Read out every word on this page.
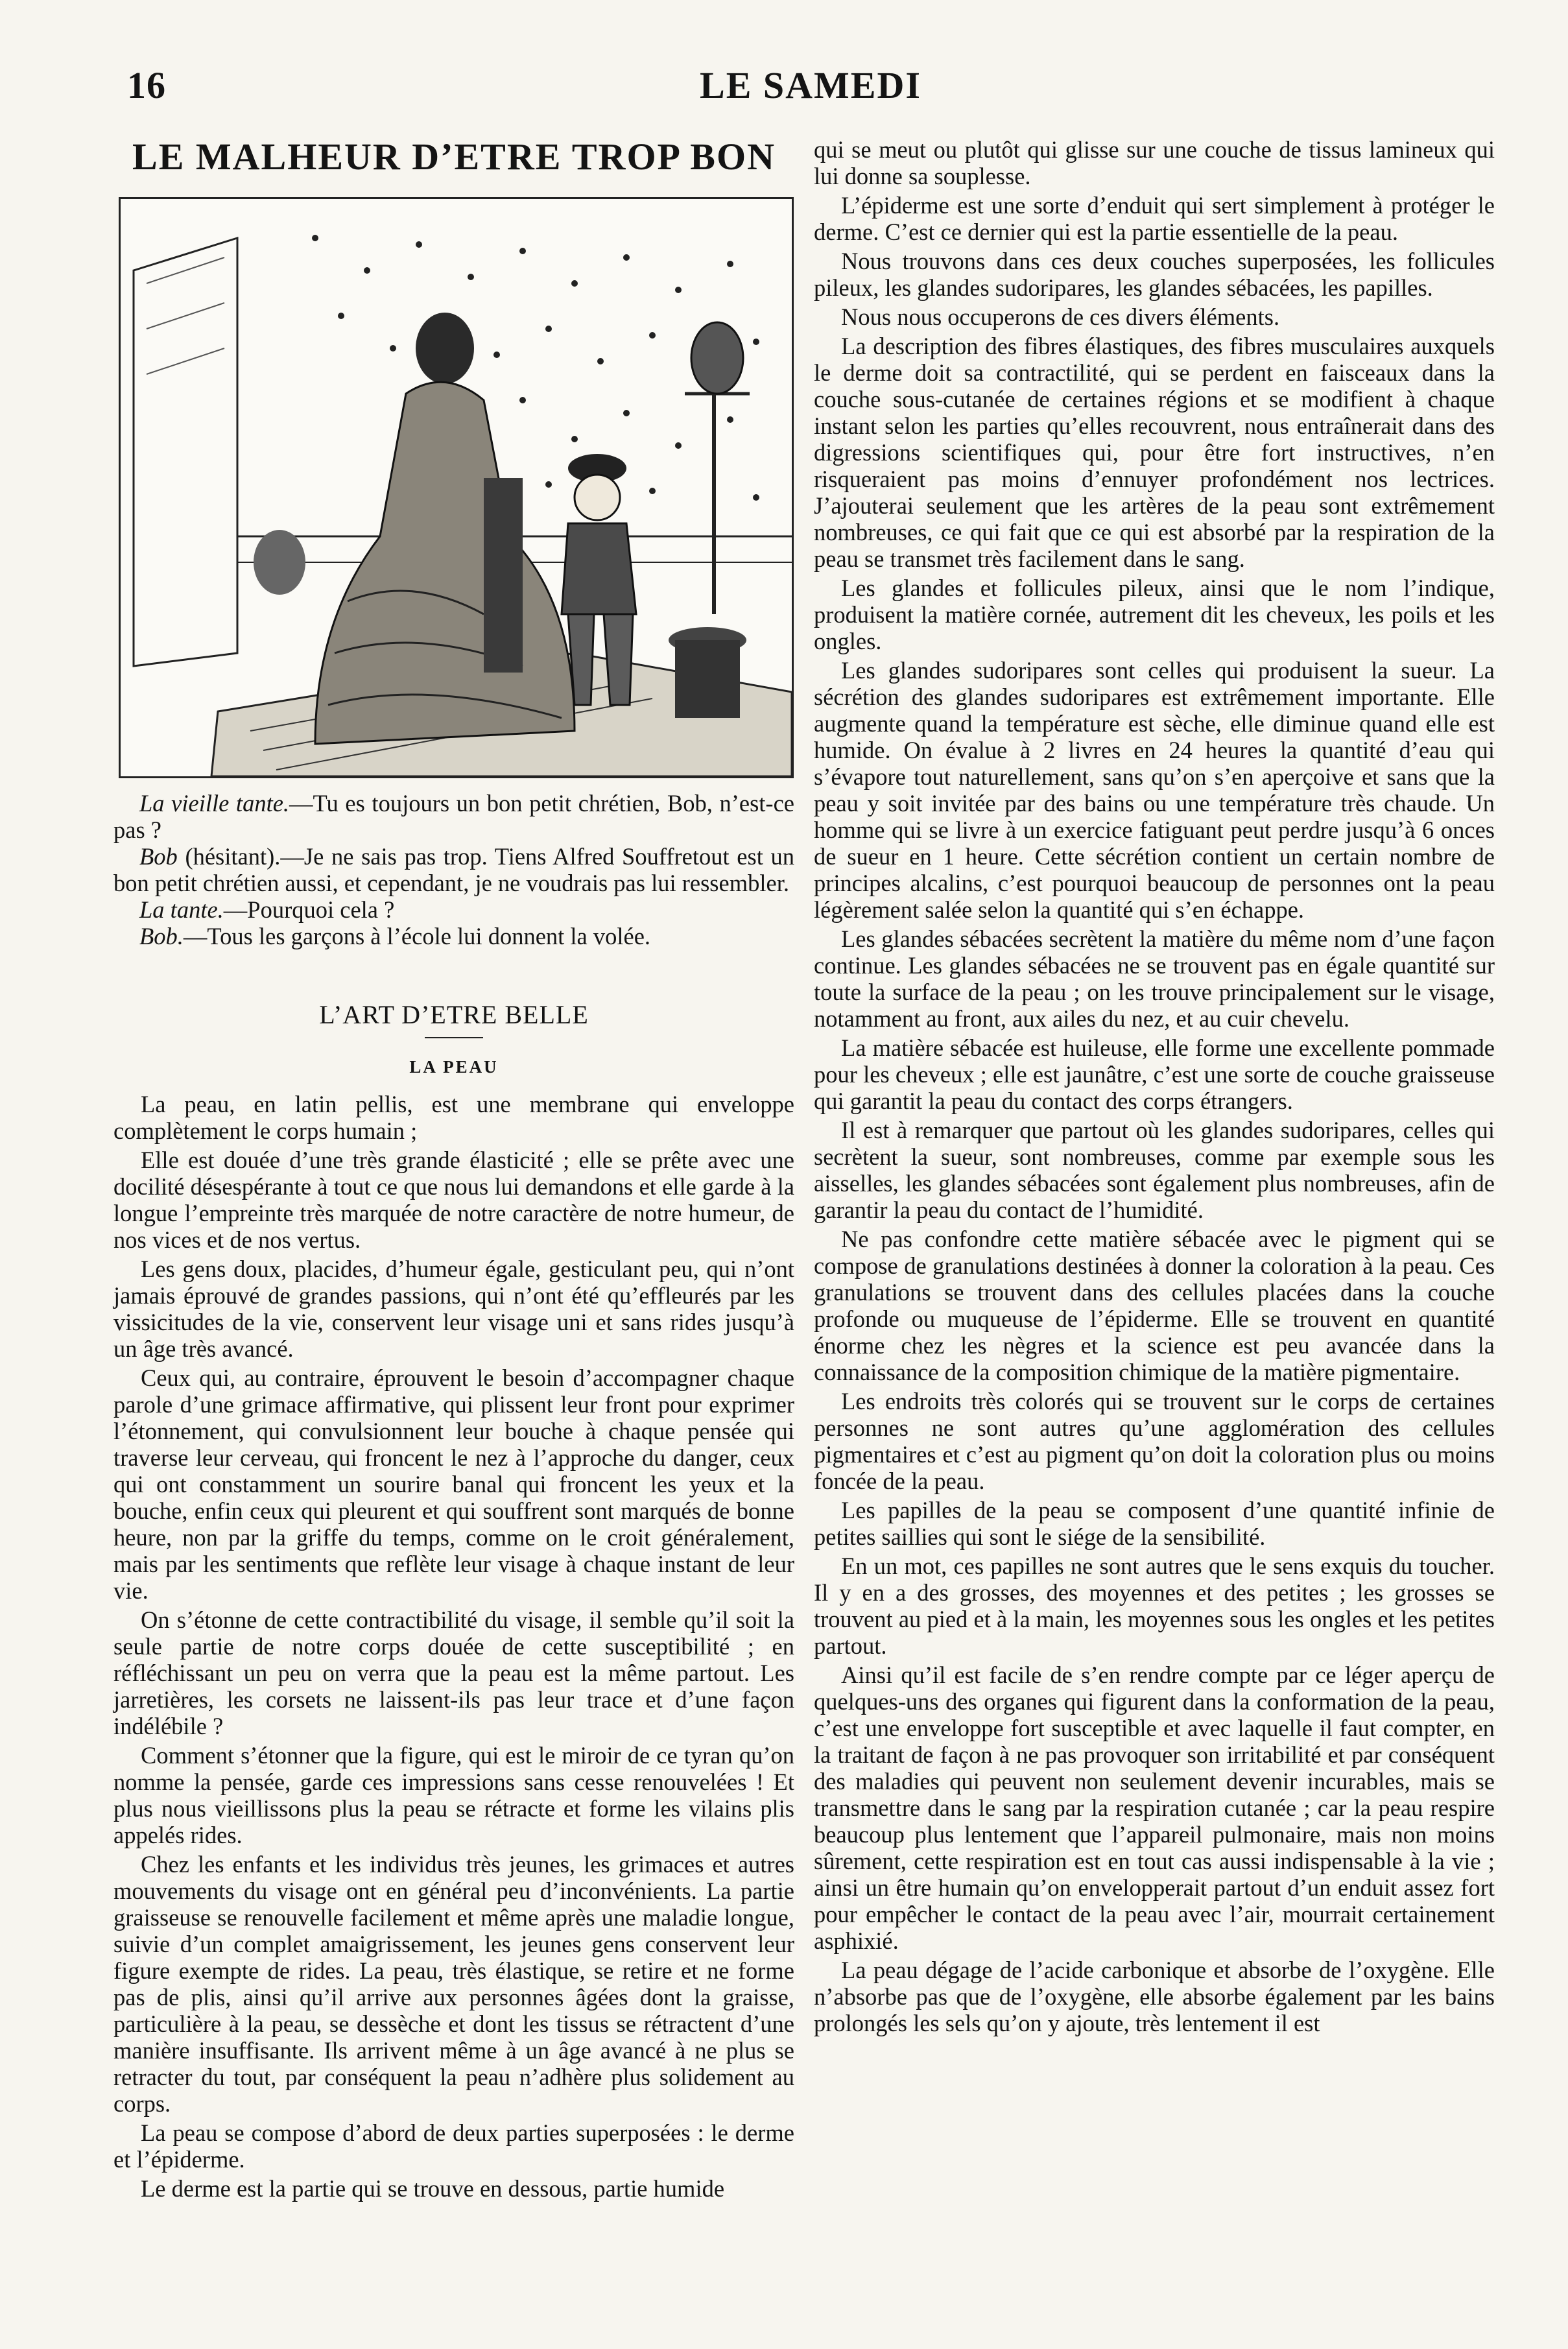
16	LE SAMEDI
LE MALHEUR D’ETRE TROP BON

La vieille tante.—Tu es toujours un bon petit chrétien, Bob, n’est-ce pas ?

Bob (hésitant).—Je ne sais pas trop. Tiens Alfred Souffretout est un bon petit chrétien aussi, et cependant, je ne voudrais pas lui ressembler.

La tante.—Pourquoi cela ?

Bob.—Tous les garçons à l’école lui donnent la volée.

L’ART D’ETRE BELLE
LA PEAU

La peau, en latin pellis, est une membrane qui enveloppe complètement le corps humain ;

Elle est douée d’une très grande élasticité ; elle se prête avec une docilité désespérante à tout ce que nous lui demandons et elle garde à la longue l’empreinte très marquée de notre caractère de notre humeur, de nos vices et de nos vertus.

Les gens doux, placides, d’humeur égale, gesticulant peu, qui n’ont jamais éprouvé de grandes passions, qui n’ont été qu’effleurés par les vissicitudes de la vie, conservent leur visage uni et sans rides jusqu’à un âge très avancé.

Ceux qui, au contraire, éprouvent le besoin d’accompagner chaque parole d’une grimace affirmative, qui plissent leur front pour exprimer l’étonnement, qui convulsionnent leur bouche à chaque pensée qui traverse leur cerveau, qui froncent le nez à l’approche du danger, ceux qui ont constamment un sourire banal qui froncent les yeux et la bouche, enfin ceux qui pleurent et qui souffrent sont marqués de bonne heure, non par la griffe du temps, comme on le croit généralement, mais par les sentiments que reflète leur visage à chaque instant de leur vie.

On s’étonne de cette contractibilité du visage, il semble qu’il soit la seule partie de notre corps douée de cette susceptibilité ; en réfléchissant un peu on verra que la peau est la même partout. Les jarretières, les corsets ne laissent-ils pas leur trace et d’une façon indélébile ?

Comment s’étonner que la figure, qui est le miroir de ce tyran qu’on nomme la pensée, garde ces impressions sans cesse renouvelées ! Et plus nous vieillissons plus la peau se rétracte et forme les vilains plis appelés rides.

Chez les enfants et les individus très jeunes, les grimaces et autres mouvements du visage ont en général peu d’inconvénients. La partie graisseuse se renouvelle facilement et même après une maladie longue, suivie d’un complet amaigrissement, les jeunes gens conservent leur figure exempte de rides. La peau, très élastique, se retire et ne forme pas de plis, ainsi qu’il arrive aux personnes âgées dont la graisse, particulière à la peau, se dessèche et dont les tissus se rétractent d’une manière insuffisante. Ils arrivent même à un âge avancé à ne plus se retracter du tout, par conséquent la peau n’adhère plus solidement au corps.

La peau se compose d’abord de deux parties superposées : le derme et l’épiderme.

Le derme est la partie qui se trouve en dessous, partie humide

qui se meut ou plutôt qui glisse sur une couche de tissus lamineux qui lui donne sa souplesse.

L’épiderme est une sorte d’enduit qui sert simplement à protéger le derme. C’est ce dernier qui est la partie essentielle de la peau.

Nous trouvons dans ces deux couches superposées, les follicules pileux, les glandes sudoripares, les glandes sébacées, les papilles.

Nous nous occuperons de ces divers éléments.

La description des fibres élastiques, des fibres musculaires auxquels le derme doit sa contractilité, qui se perdent en faisceaux dans la couche sous-cutanée de certaines régions et se modifient à chaque instant selon les parties qu’elles recouvrent, nous entraînerait dans des digressions scientifiques qui, pour être fort instructives, n’en risqueraient pas moins d’ennuyer profondément nos lectrices. J’ajouterai seulement que les artères de la peau sont extrêmement nombreuses, ce qui fait que ce qui est absorbé par la respiration de la peau se transmet très facilement dans le sang.

Les glandes et follicules pileux, ainsi que le nom l’indique, produisent la matière cornée, autrement dit les cheveux, les poils et les ongles.

Les glandes sudoripares sont celles qui produisent la sueur. La sécrétion des glandes sudoripares est extrêmement importante. Elle augmente quand la température est sèche, elle diminue quand elle est humide. On évalue à 2 livres en 24 heures la quantité d’eau qui s’évapore tout naturellement, sans qu’on s’en aperçoive et sans que la peau y soit invitée par des bains ou une température très chaude. Un homme qui se livre à un exercice fatiguant peut perdre jusqu’à 6 onces de sueur en 1 heure. Cette sécrétion contient un certain nombre de principes alcalins, c’est pourquoi beaucoup de personnes ont la peau légèrement salée selon la quantité qui s’en échappe.

Les glandes sébacées secrètent la matière du même nom d’une façon continue. Les glandes sébacées ne se trouvent pas en égale quantité sur toute la surface de la peau ; on les trouve principalement sur le visage, notamment au front, aux ailes du nez, et au cuir chevelu.

La matière sébacée est huileuse, elle forme une excellente pommade pour les cheveux ; elle est jaunâtre, c’est une sorte de couche graisseuse qui garantit la peau du contact des corps étrangers.

Il est à remarquer que partout où les glandes sudoripares, celles qui secrètent la sueur, sont nombreuses, comme par exemple sous les aisselles, les glandes sébacées sont également plus nombreuses, afin de garantir la peau du contact de l’humidité.

Ne pas confondre cette matière sébacée avec le pigment qui se compose de granulations destinées à donner la coloration à la peau. Ces granulations se trouvent dans des cellules placées dans la couche profonde ou muqueuse de l’épiderme. Elle se trouvent en quantité énorme chez les nègres et la science est peu avancée dans la connaissance de la composition chimique de la matière pigmentaire.

Les endroits très colorés qui se trouvent sur le corps de certaines personnes ne sont autres qu’une agglomération des cellules pigmentaires et c’est au pigment qu’on doit la coloration plus ou moins foncée de la peau.

Les papilles de la peau se composent d’une quantité infinie de petites saillies qui sont le siége de la sensibilité.

En un mot, ces papilles ne sont autres que le sens exquis du toucher. Il y en a des grosses, des moyennes et des petites ; les grosses se trouvent au pied et à la main, les moyennes sous les ongles et les petites partout.

Ainsi qu’il est facile de s’en rendre compte par ce léger aperçu de quelques-uns des organes qui figurent dans la conformation de la peau, c’est une enveloppe fort susceptible et avec laquelle il faut compter, en la traitant de façon à ne pas provoquer son irritabilité et par conséquent des maladies qui peuvent non seulement devenir incurables, mais se transmettre dans le sang par la respiration cutanée ; car la peau respire beaucoup plus lentement que l’appareil pulmonaire, mais non moins sûrement, cette respiration est en tout cas aussi indispensable à la vie ; ainsi un être humain qu’on envelopperait partout d’un enduit assez fort pour empêcher le contact de la peau avec l’air, mourrait certainement asphixié.

La peau dégage de l’acide carbonique et absorbe de l’oxygène. Elle n’absorbe pas que de l’oxygène, elle absorbe également par les bains prolongés les sels qu’on y ajoute, très lentement il est
